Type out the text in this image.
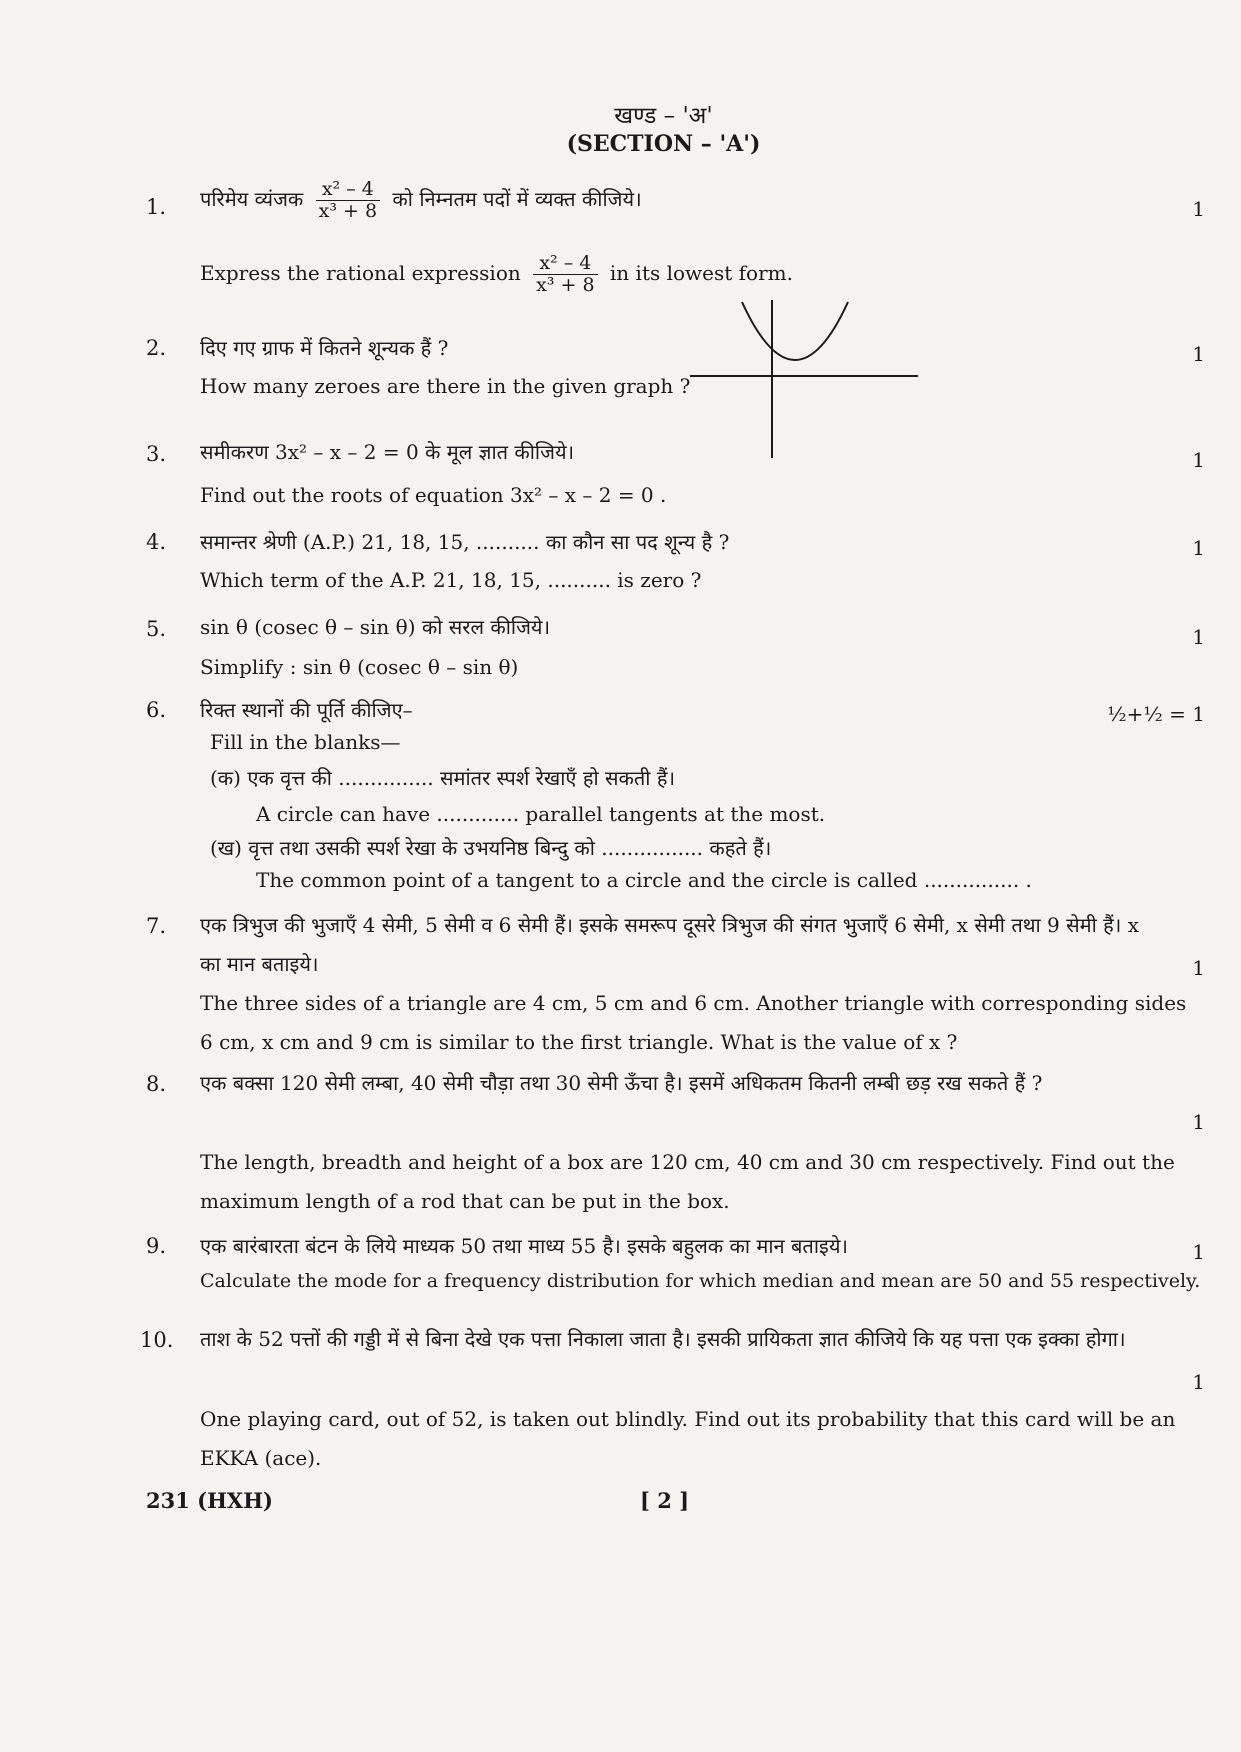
खण्ड – 'अ'
(SECTION – 'A')
1. परिमेय व्यंजक $\frac{\text{x² – 4}}{\text{x³ + 8}}$ को निम्नतम पदों में व्यक्त कीजिये।	1
Express the rational expression $\frac{\text{x² – 4}}{\text{x³ + 8}}$ in its lowest form.
2. दिए गए ग्राफ में कितने शून्यक हैं ?	1
How many zeroes are there in the given graph ?
3. समीकरण 3x² – x – 2 = 0 के मूल ज्ञात कीजिये।	1
Find out the roots of equation 3x² – x – 2 = 0 .
4. समान्तर श्रेणी (A.P.) 21, 18, 15, .......... का कौन सा पद शून्य है ?	1
Which term of the A.P. 21, 18, 15, .......... is zero ?
5. sin θ (cosec θ – sin θ) को सरल कीजिये।	1
Simplify : sin θ (cosec θ – sin θ)
6. रिक्त स्थानों की पूर्ति कीजिए–	½+½ = 1
Fill in the blanks—
(क) एक वृत्त की ............... समांतर स्पर्श रेखाएँ हो सकती हैं।
A circle can have ............. parallel tangents at the most.
(ख) वृत्त तथा उसकी स्पर्श रेखा के उभयनिष्ठ बिन्दु को ................ कहते हैं।
The common point of a tangent to a circle and the circle is called ............... .
7. एक त्रिभुज की भुजाएँ 4 सेमी, 5 सेमी व 6 सेमी हैं। इसके समरूप दूसरे त्रिभुज की संगत भुजाएँ 6 सेमी, x सेमी तथा 9 सेमी हैं। x का मान बताइये।	1
The three sides of a triangle are 4 cm, 5 cm and 6 cm. Another triangle with corresponding sides 6 cm, x cm and 9 cm is similar to the first triangle. What is the value of x ?
8. एक बक्सा 120 सेमी लम्बा, 40 सेमी चौड़ा तथा 30 सेमी ऊँचा है। इसमें अधिकतम कितनी लम्बी छड़ रख सकते हैं ?
1
The length, breadth and height of a box are 120 cm, 40 cm and 30 cm respectively. Find out the maximum length of a rod that can be put in the box.
9. एक बारंबारता बंटन के लिये माध्यक 50 तथा माध्य 55 है। इसके बहुलक का मान बताइये।	1
Calculate the mode for a frequency distribution for which median and mean are 50 and 55 respectively.
10. ताश के 52 पत्तों की गड्डी में से बिना देखे एक पत्ता निकाला जाता है। इसकी प्रायिकता ज्ञात कीजिये कि यह पत्ता एक इक्का होगा।
1
One playing card, out of 52, is taken out blindly. Find out its probability that this card will be an EKKA (ace).
231 (HXH)	[ 2 ]
